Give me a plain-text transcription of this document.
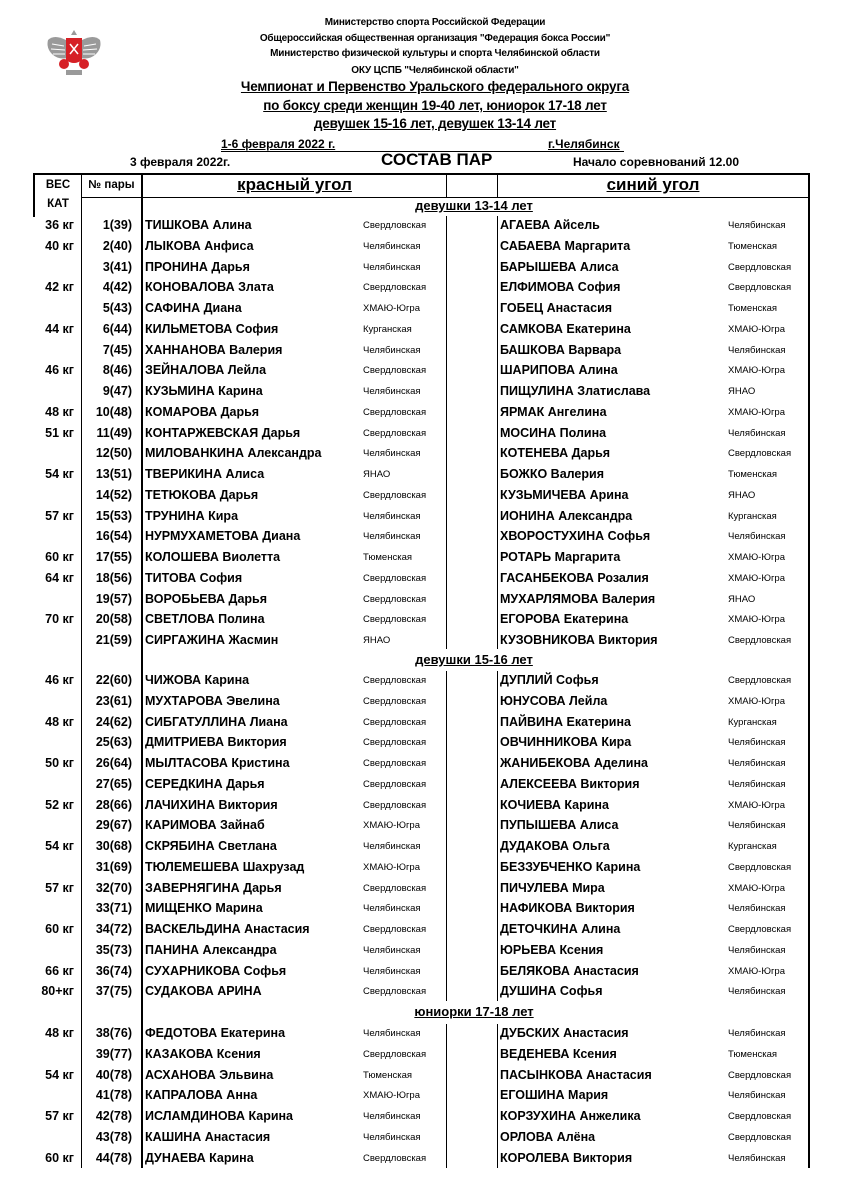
Министерство спорта Российской Федерации
Общероссийская общественная организация "Федерация бокса России"
Министерство физической культуры и спорта Челябинской области
ОКУ ЦСПБ "Челябинской области"
Чемпионат и Первенство Уральского федерального округа
по боксу среди женщин 19-40 лет, юниорок 17-18 лет
девушек 15-16 лет, девушек 13-14 лет
1-6 февраля 2022 г.	г.Челябинск
3 февраля 2022г.	СОСТАВ ПАР	Начало соревнований 12.00
ВЕС
КАТ
№ пары	красный угол	синий угол
девушки 13-14 лет
36 кг	1(39) ТИШКОВА Алина	Свердловская	АГАЕВА Айсель	Челябинская
40 кг	2(40) ЛЫКОВА Анфиса	Челябинская	САБАЕВА Маргарита	Тюменская
3(41) ПРОНИНА Дарья	Челябинская	БАРЫШЕВА Алиса	Свердловская
42 кг	4(42) КОНОВАЛОВА Злата	Свердловская	ЕЛФИМОВА София	Свердловская
5(43) САФИНА Диана	ХМАЮ-Югра	ГОБЕЦ Анастасия	Тюменская
44 кг	6(44) КИЛЬМЕТОВА София	Курганская	САМКОВА Екатерина	ХМАЮ-Югра
7(45) ХАННАНОВА Валерия	Челябинская	БАШКОВА Варвара	Челябинская
46 кг	8(46) ЗЕЙНАЛОВА Лейла	Свердловская	ШАРИПОВА Алина	ХМАЮ-Югра
9(47) КУЗЬМИНА Карина	Челябинская	ПИЩУЛИНА Златислава	ЯНАО
48 кг	10(48) КОМАРОВА Дарья	Свердловская	ЯРМАК Ангелина	ХМАЮ-Югра
51 кг	11(49) КОНТАРЖЕВСКАЯ Дарья	Свердловская	МОСИНА Полина	Челябинская
12(50) МИЛОВАНКИНА Александра	Челябинская	КОТЕНЕВА Дарья	Свердловская
54 кг	13(51) ТВЕРИКИНА Алиса	ЯНАО	БОЖКО Валерия	Тюменская
14(52) ТЕТЮКОВА Дарья	Свердловская	КУЗЬМИЧЕВА Арина	ЯНАО
57 кг	15(53) ТРУНИНА Кира	Челябинская	ИОНИНА Александра	Курганская
16(54) НУРМУХАМЕТОВА Диана	Челябинская	ХВОРОСТУХИНА Софья	Челябинская
60 кг	17(55) КОЛОШЕВА Виолетта	Тюменская	РОТАРЬ Маргарита	ХМАЮ-Югра
64 кг	18(56) ТИТОВА София	Свердловская	ГАСАНБЕКОВА Розалия	ХМАЮ-Югра
19(57) ВОРОБЬЕВА Дарья	Свердловская	МУХАРЛЯМОВА Валерия	ЯНАО
70 кг	20(58) СВЕТЛОВА Полина	Свердловская	ЕГОРОВА Екатерина	ХМАЮ-Югра
21(59) СИРГАЖИНА Жасмин	ЯНАО	КУЗОВНИКОВА Виктория	Свердловская
девушки 15-16 лет
46 кг	22(60) ЧИЖОВА Карина	Свердловская	ДУПЛИЙ Софья	Свердловская
23(61) МУХТАРОВА Эвелина	Свердловская	ЮНУСОВА Лейла	ХМАЮ-Югра
48 кг	24(62) СИБГАТУЛЛИНА Лиана	Свердловская	ПАЙВИНА Екатерина	Курганская
25(63) ДМИТРИЕВА Виктория	Свердловская	ОВЧИННИКОВА Кира	Челябинская
50 кг	26(64) МЫЛТАСОВА Кристина	Свердловская	ЖАНИБЕКОВА Аделина	Челябинская
27(65) СЕРЕДКИНА Дарья	Свердловская	АЛЕКСЕЕВА Виктория	Челябинская
52 кг	28(66) ЛАЧИХИНА Виктория	Свердловская	КОЧИЕВА Карина	ХМАЮ-Югра
29(67) КАРИМОВА Зайнаб	ХМАЮ-Югра	ПУПЫШЕВА Алиса	Челябинская
54 кг	30(68) СКРЯБИНА Светлана	Челябинская	ДУДАКОВА Ольга	Курганская
31(69) ТЮЛЕМЕШЕВА Шахрузад	ХМАЮ-Югра	БЕЗЗУБЧЕНКО Карина	Свердловская
57 кг	32(70) ЗАВЕРНЯГИНА Дарья	Свердловская	ПИЧУЛЕВА Мира	ХМАЮ-Югра
33(71) МИЩЕНКО Марина	Челябинская	НАФИКОВА Виктория	Челябинская
60 кг	34(72) ВАСКЕЛЬДИНА Анастасия	Свердловская	ДЕТОЧКИНА Алина	Свердловская
35(73) ПАНИНА Александра	Челябинская	ЮРЬЕВА Ксения	Челябинская
66 кг	36(74) СУХАРНИКОВА Софья	Челябинская	БЕЛЯКОВА Анастасия	ХМАЮ-Югра
80+кг	37(75) СУДАКОВА АРИНА	Свердловская	ДУШИНА Софья	Челябинская
юниорки 17-18 лет
48 кг	38(76) ФЕДОТОВА Екатерина	Челябинская	ДУБСКИХ Анастасия	Челябинская
39(77) КАЗАКОВА Ксения	Свердловская	ВЕДЕНЕВА Ксения	Тюменская
54 кг	40(78) АСХАНОВА Эльвина	Тюменская	ПАСЫНКОВА Анастасия	Свердловская
41(78) КАПРАЛОВА Анна	ХМАЮ-Югра	ЕГОШИНА Мария	Челябинская
57 кг	42(78) ИСЛАМДИНОВА Карина	Челябинская	КОРЗУХИНА Анжелика	Свердловская
43(78) КАШИНА Анастасия	Челябинская	ОРЛОВА Алёна	Свердловская
60 кг	44(78) ДУНАЕВА Карина	Свердловская	КОРОЛЕВА Виктория	Челябинская
